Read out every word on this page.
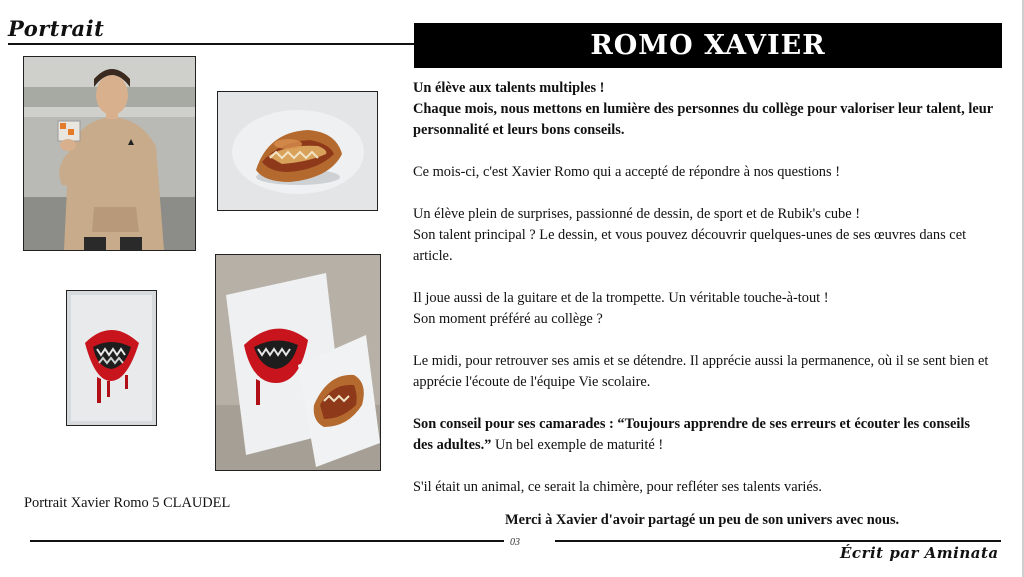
Portrait
ROMO XAVIER

Un élève aux talents multiples !

Chaque mois, nous mettons en lumière des personnes du collège pour valoriser leur talent, leur personnalité et leurs bons conseils.

Ce mois-ci, c'est Xavier Romo qui a accepté de répondre à nos questions !

Un élève plein de surprises, passionné de dessin, de sport et de Rubik's cube !

Son talent principal ? Le dessin, et vous pouvez découvrir quelques-unes de ses œuvres dans cet article.

Il joue aussi de la guitare et de la trompette. Un véritable touche-à-tout !

Son moment préféré au collège ?

Le midi, pour retrouver ses amis et se détendre. Il apprécie aussi la permanence, où il se sent bien et apprécie l'écoute de l'équipe Vie scolaire.

Son conseil pour ses camarades : “Toujours apprendre de ses erreurs et écouter les conseils des adultes.” Un bel exemple de maturité !

S'il était un animal, ce serait la chimère, pour refléter ses talents variés.

Portrait Xavier Romo 5 CLAUDEL
Merci à Xavier d'avoir partagé un peu de son univers avec nous.
03
Écrit par Aminata
